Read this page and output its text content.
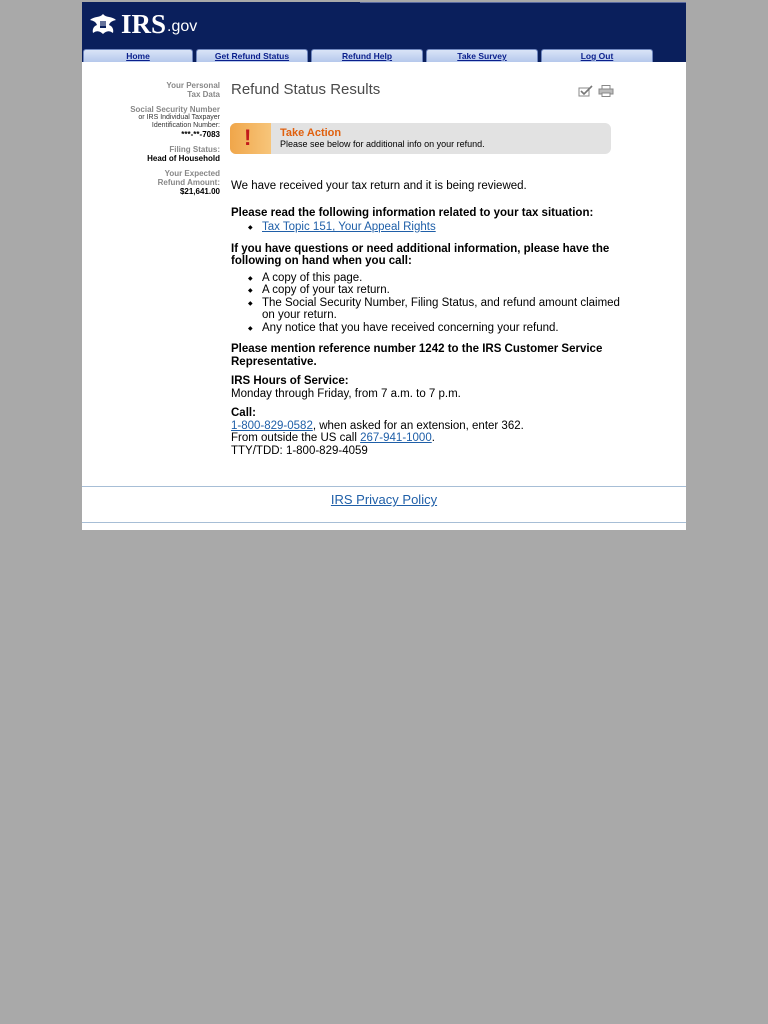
IRS .gov
Home	Get Refund Status	Refund Help	Take Survey	Log Out
Your Personal
Tax Data
Social Security Number
or IRS Individual Taxpayer
Identification Number:
***-**-7083
Filing Status:
Head of Household
Your Expected
Refund Amount:
$21,641.00
Refund Status Results
!	Take Action
Please see below for additional info on your refund.

We have received your tax return and it is being reviewed.

Please read the following information related to your tax situation:

◆ Tax Topic 151, Your Appeal Rights

If you have questions or need additional information, please have the following on hand when you call:

◆ A copy of this page.
◆ A copy of your tax return.
◆ The Social Security Number, Filing Status, and refund amount claimed on your return.
◆ Any notice that you have received concerning your refund.

Please mention reference number 1242 to the IRS Customer Service Representative.

IRS Hours of Service:

Monday through Friday, from 7 a.m. to 7 p.m.

Call:

1-800-829-0582, when asked for an extension, enter 362.

From outside the US call 267-941-1000.

TTY/TDD: 1-800-829-4059

IRS Privacy Policy
